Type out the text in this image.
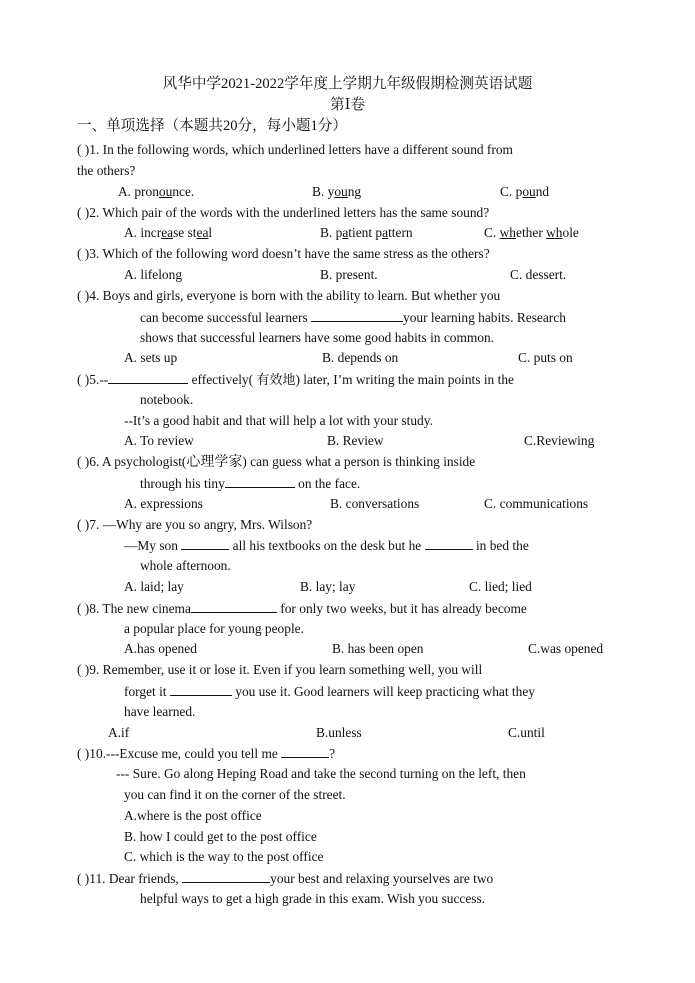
风华中学2021-2022学年度上学期九年级假期检测英语试题
第Ⅰ卷
一、单项选择（本题共20分，每小题1分）
( )1. In the following words, which underlined letters have a different sound from
the others?
A. pronounce.	B. young	C. pound
( )2. Which pair of the words with the underlined letters has the same sound?
A. increase steal	B. patient pattern	C. whether whole
( )3. Which of the following word doesn’t have the same stress as the others?
A. lifelong	B. present.	C. dessert.
( )4. Boys and girls, everyone is born with the ability to learn. But whether you
can become successful learners	your learning habits. Research
shows that successful learners have some good habits in common.
A. sets up	B. depends on	C. puts on
( )5.--	effectively( 有效地) later, I’m writing the main points in the
notebook.
--It’s a good habit and that will help a lot with your study.
A. To review	B. Review	C.Reviewing
( )6. A psychologist(心理学家) can guess what a person is thinking inside
through his tiny	on the face.
A. expressions	B. conversations	C. communications
( )7. —Why are you so angry, Mrs. Wilson?
—My son	all his textbooks on the desk but he	in bed the
whole afternoon.
A. laid; lay	B. lay; lay	C. lied; lied
( )8. The new cinema	for only two weeks, but it has already become
a popular place for young people.
A.has opened	B. has been open	C.was opened
( )9. Remember, use it or lose it. Even if you learn something well, you will
forget it	you use it. Good learners will keep practicing what they
have learned.
A.if	B.unless	C.until
( )10.---Excuse me, could you tell me	?
--- Sure. Go along Heping Road and take the second turning on the left, then
you can find it on the corner of the street.
A.where is the post office
B. how I could get to the post office
C. which is the way to the post office
( )11. Dear friends,	your best and relaxing yourselves are two
helpful ways to get a high grade in this exam. Wish you success.
